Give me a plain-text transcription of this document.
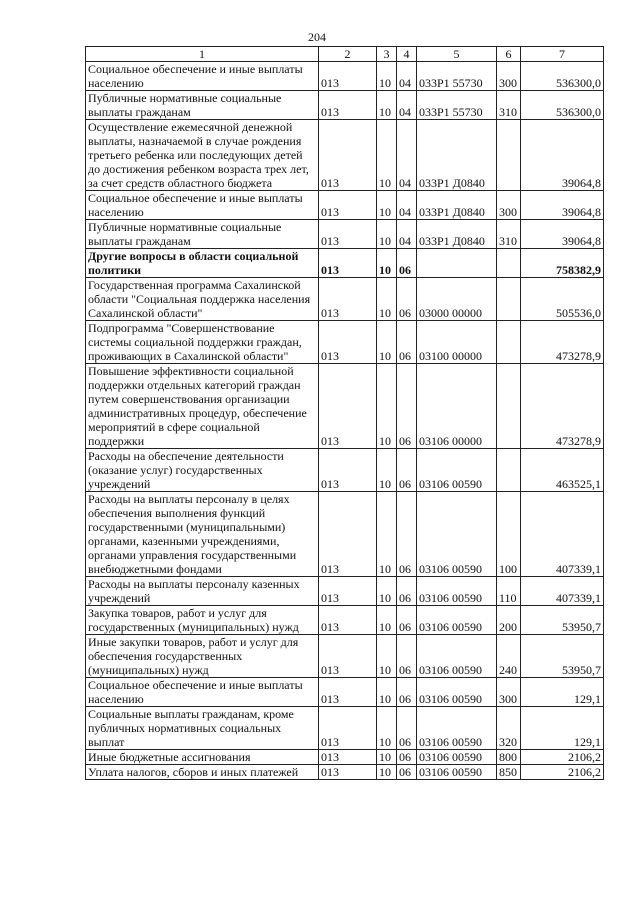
204
1	2	3	4	5	6	7
Социальное обеспечение и иные выплаты населению	013	10	04	033Р1 55730	300	536300,0
Публичные нормативные социальные выплаты гражданам	013	10	04	033Р1 55730	310	536300,0
Осуществление ежемесячной денежной выплаты, назначаемой в случае рождения третьего ребенка или последующих детей до достижения ребенком возраста трех лет, за счет средств областного бюджета	013	10	04	033Р1 Д0840		39064,8
Социальное обеспечение и иные выплаты населению	013	10	04	033Р1 Д0840	300	39064,8
Публичные нормативные социальные выплаты гражданам	013	10	04	033Р1 Д0840	310	39064,8
Другие вопросы в области социальной политики	013	10	06			758382,9
Государственная программа Сахалинской области "Социальная поддержка населения Сахалинской области"	013	10	06	03000 00000		505536,0
Подпрограмма "Совершенствование системы социальной поддержки граждан, проживающих в Сахалинской области"	013	10	06	03100 00000		473278,9
Повышение эффективности социальной поддержки отдельных категорий граждан путем совершенствования организации административных процедур, обеспечение мероприятий в сфере социальной поддержки	013	10	06	03106 00000		473278,9
Расходы на обеспечение деятельности (оказание услуг) государственных учреждений	013	10	06	03106 00590		463525,1
Расходы на выплаты персоналу в целях обеспечения выполнения функций государственными (муниципальными) органами, казенными учреждениями, органами управления государственными внебюджетными фондами	013	10	06	03106 00590	100	407339,1
Расходы на выплаты персоналу казенных учреждений	013	10	06	03106 00590	110	407339,1
Закупка товаров, работ и услуг для государственных (муниципальных) нужд	013	10	06	03106 00590	200	53950,7
Иные закупки товаров, работ и услуг для обеспечения государственных (муниципальных) нужд	013	10	06	03106 00590	240	53950,7
Социальное обеспечение и иные выплаты населению	013	10	06	03106 00590	300	129,1
Социальные выплаты гражданам, кроме публичных нормативных социальных выплат	013	10	06	03106 00590	320	129,1
Иные бюджетные ассигнования	013	10	06	03106 00590	800	2106,2
Уплата налогов, сборов и иных платежей	013	10	06	03106 00590	850	2106,2
